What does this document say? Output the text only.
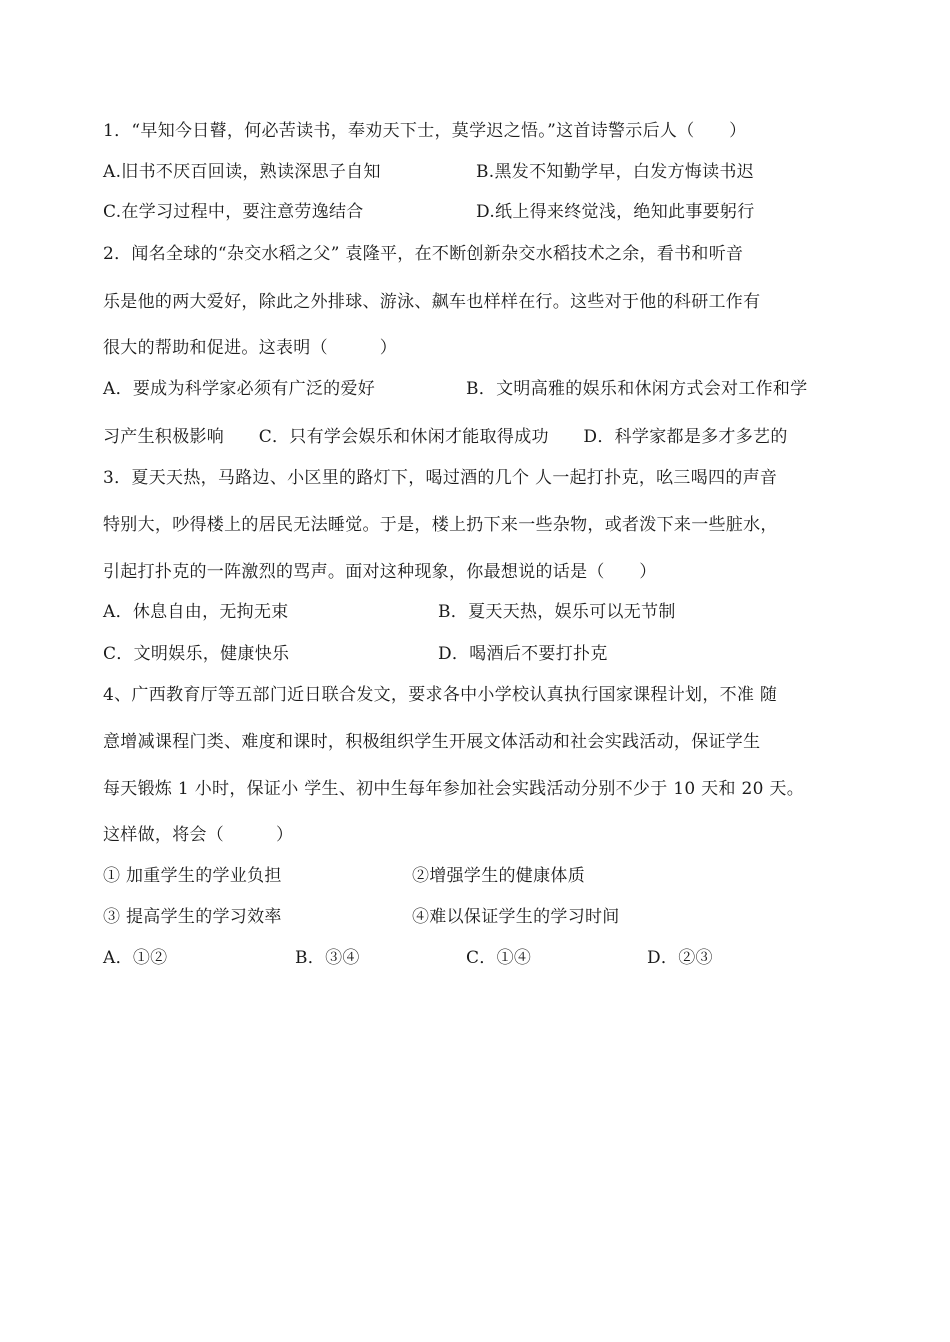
1．“早知今日瞽，何必苦读书，奉劝天下士，莫学迟之悟。”这首诗警示后人（　　）
A.旧书不厌百回读，熟读深思子自知	B.黑发不知勤学早，白发方悔读书迟
C.在学习过程中，要注意劳逸结合	D.纸上得来终觉浅，绝知此事要躬行
2．闻名全球的“杂交水稻之父” 袁隆平，在不断创新杂交水稻技术之余，看书和听音
乐是他的两大爱好，除此之外排球、游泳、飙车也样样在行。这些对于他的科研工作有
很大的帮助和促进。这表明（　　　）
A．要成为科学家必须有广泛的爱好	B．文明高雅的娱乐和休闲方式会对工作和学
习产生积极影响　　C．只有学会娱乐和休闲才能取得成功　　D．科学家都是多才多艺的
3．夏天天热，马路边、小区里的路灯下，喝过酒的几个 人一起打扑克，吆三喝四的声音
特别大，吵得楼上的居民无法睡觉。于是，楼上扔下来一些杂物，或者泼下来一些脏水，
引起打扑克的一阵激烈的骂声。面对这种现象，你最想说的话是（　　）
A．休息自由，无拘无束	B．夏天天热，娱乐可以无节制
C．文明娱乐，健康快乐	D．喝酒后不要打扑克
4、广西教育厅等五部门近日联合发文，要求各中小学校认真执行国家课程计划，不准 随
意增减课程门类、难度和课时，积极组织学生开展文体活动和社会实践活动，保证学生
每天锻炼 1 小时，保证小 学生、初中生每年参加社会实践活动分别不少于 10 天和 20 天。
这样做，将会（　　　）
① 加重学生的学业负担	②增强学生的健康体质
③ 提高学生的学习效率	④难以保证学生的学习时间
A．①②	B．③④	C．①④	D．②③
